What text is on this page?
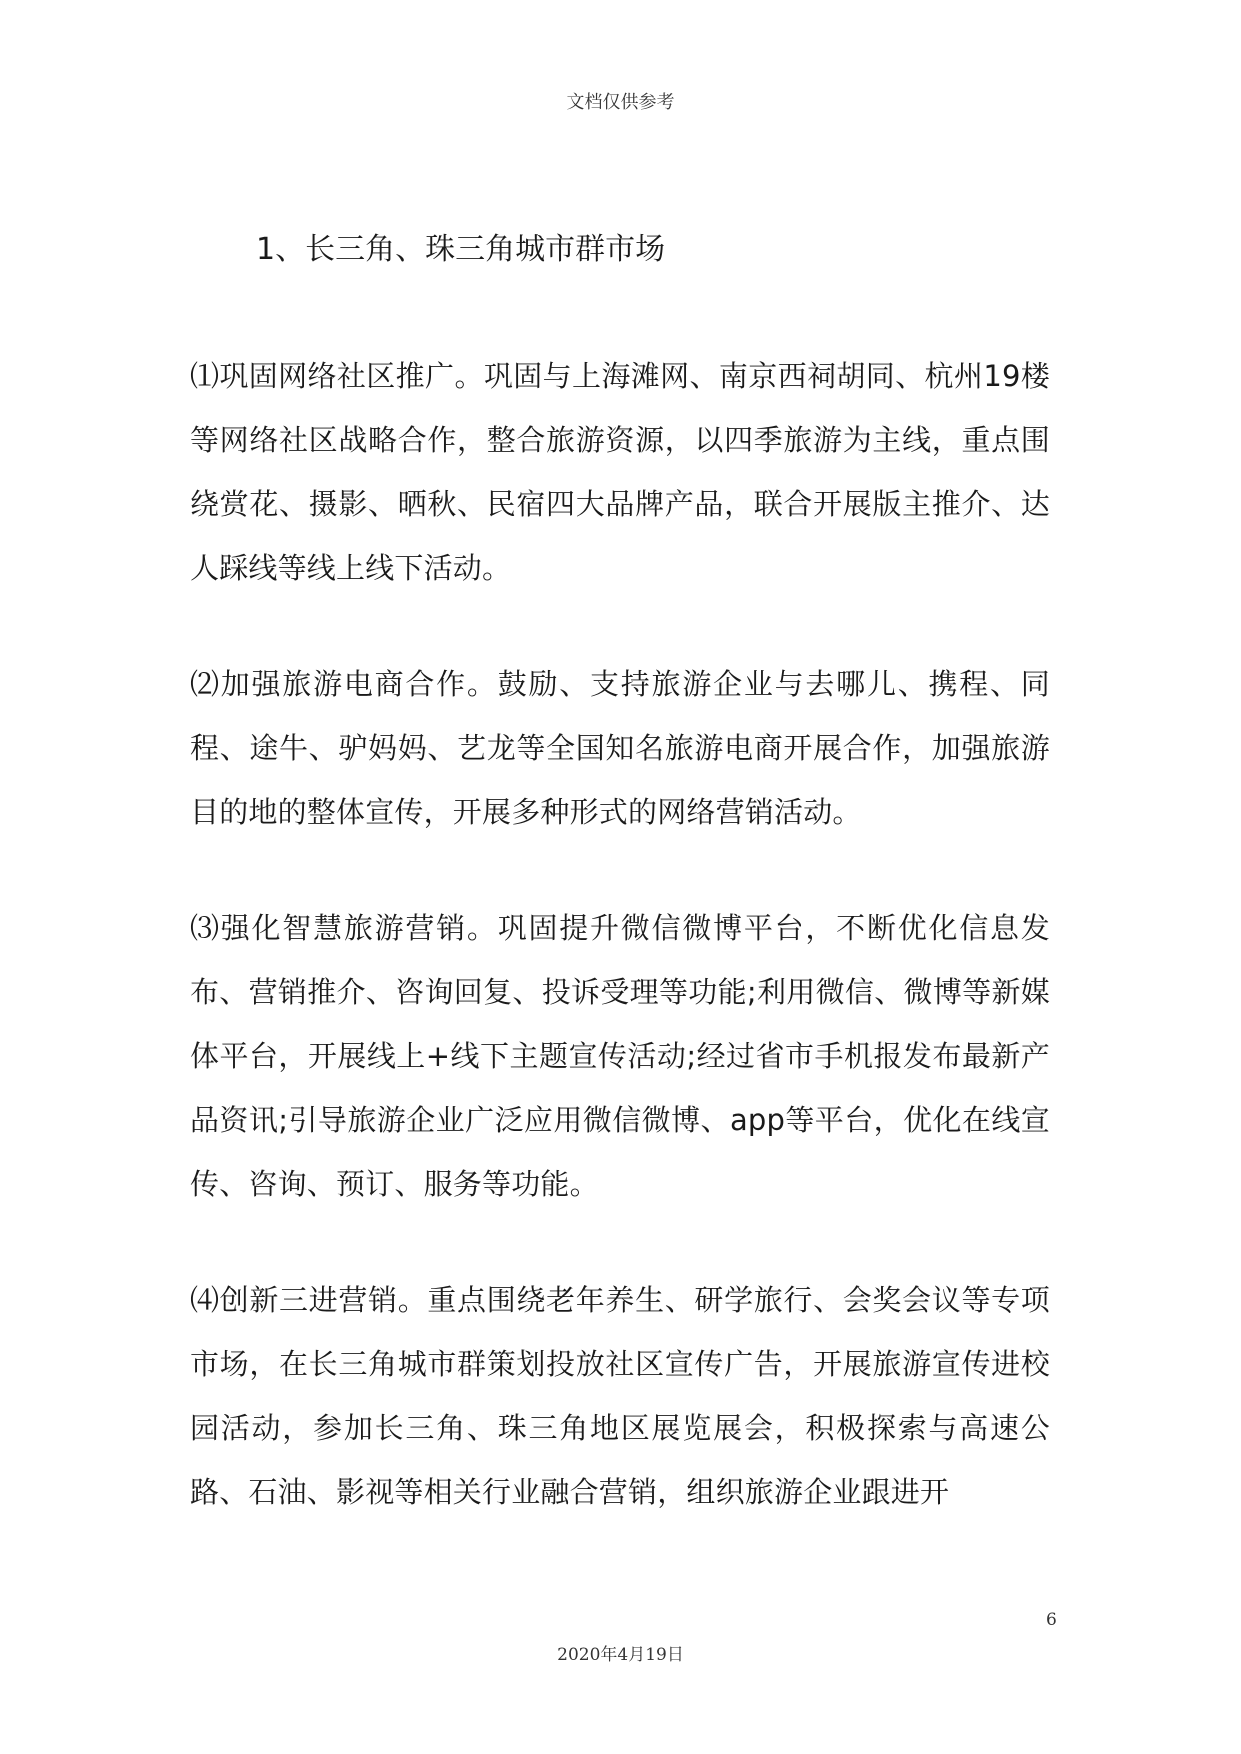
文档仅供参考
1、长三角、珠三角城市群市场

⑴巩固网络社区推广。巩固与上海滩网、南京西祠胡同、杭州19楼等网络社区战略合作，整合旅游资源，以四季旅游为主线，重点围绕赏花、摄影、晒秋、民宿四大品牌产品，联合开展版主推介、达人踩线等线上线下活动。

⑵加强旅游电商合作。鼓励、支持旅游企业与去哪儿、携程、同程、途牛、驴妈妈、艺龙等全国知名旅游电商开展合作，加强旅游目的地的整体宣传，开展多种形式的网络营销活动。

⑶强化智慧旅游营销。巩固提升微信微博平台，不断优化信息发布、营销推介、咨询回复、投诉受理等功能;利用微信、微博等新媒体平台，开展线上+线下主题宣传活动;经过省市手机报发布最新产品资讯;引导旅游企业广泛应用微信微博、app等平台，优化在线宣传、咨询、预订、服务等功能。

⑷创新三进营销。重点围绕老年养生、研学旅行、会奖会议等专项市场，在长三角城市群策划投放社区宣传广告，开展旅游宣传进校园活动，参加长三角、珠三角地区展览展会，积极探索与高速公路、石油、影视等相关行业融合营销，组织旅游企业跟进开

6
2020年4月19日
